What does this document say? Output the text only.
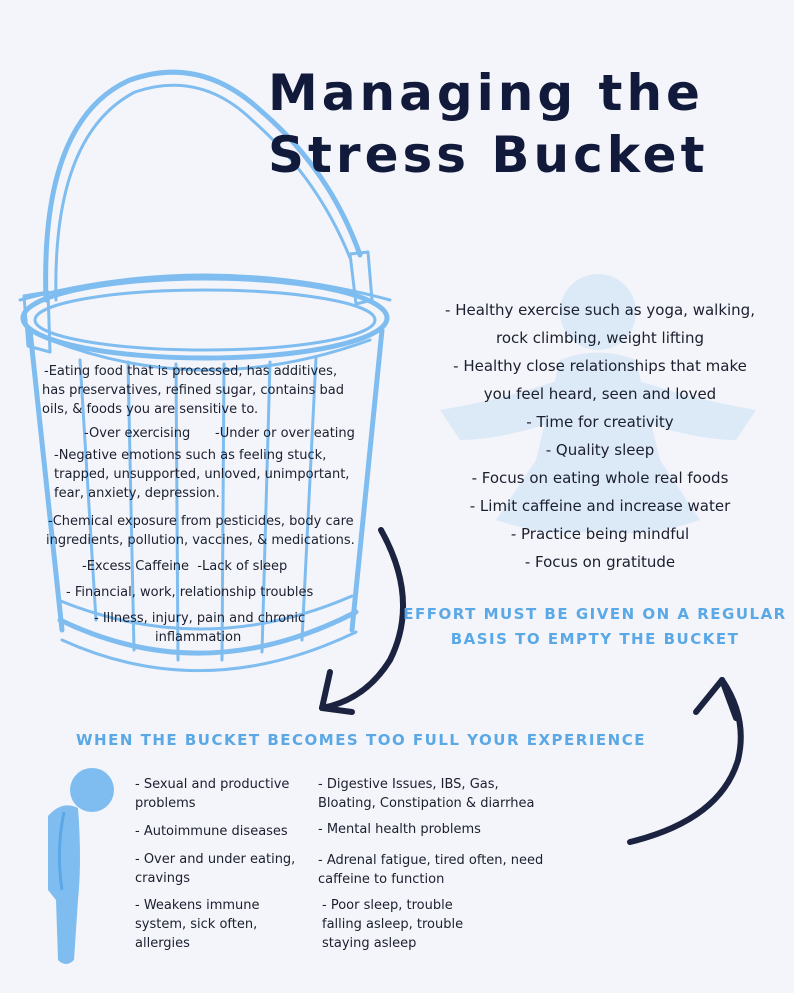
Managing the
Stress Bucket
-Eating food that is processed, has additives,
has preservatives, refined sugar, contains bad
oils, & foods you are sensitive to.
-Over exercising      -Under or over eating
-Negative emotions such as feeling stuck,
trapped, unsupported, unloved, unimportant,
fear, anxiety, depression.
-Chemical exposure from pesticides, body care
ingredients, pollution, vaccines, & medications.
-Excess Caffeine  -Lack of sleep
- Financial, work, relationship troubles
- Illness, injury, pain and chronic
inflammation
- Healthy exercise such as yoga, walking,
rock climbing, weight lifting
- Healthy close relationships that make
you feel heard, seen and loved
- Time for creativity
- Quality sleep
- Focus on eating whole real foods
- Limit caffeine and increase water
- Practice being mindful
- Focus on gratitude
EFFORT MUST BE GIVEN ON A REGULAR
BASIS TO EMPTY THE BUCKET
WHEN THE BUCKET BECOMES TOO FULL YOUR EXPERIENCE
- Sexual and productive
problems
- Autoimmune diseases
- Over and under eating,
cravings
- Weakens immune
system, sick often,
allergies
- Digestive Issues, IBS, Gas,
Bloating, Constipation & diarrhea
- Mental health problems
- Adrenal fatigue, tired often, need
caffeine to function
- Poor sleep, trouble
falling asleep, trouble
staying asleep
